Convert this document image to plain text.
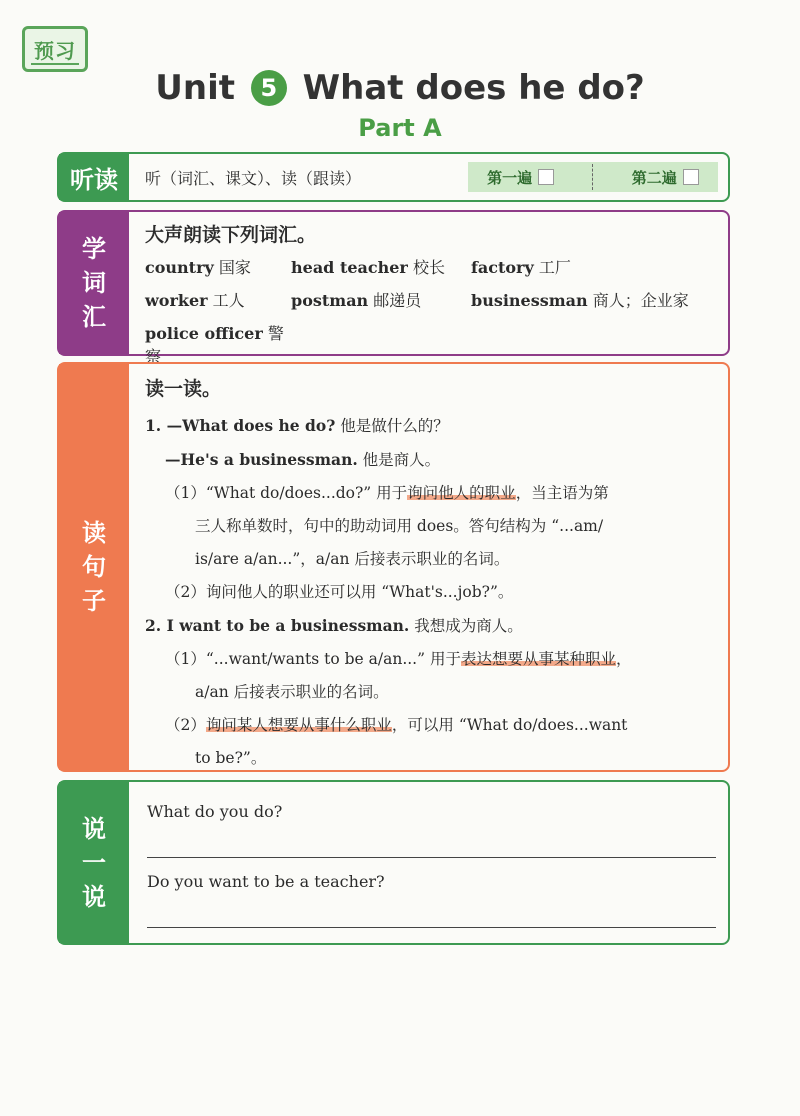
预习
Unit 5 What does he do?
Part A
听读	听（词汇、课文）、读（跟读）	第一遍	第二遍
学
词
汇
大声朗读下列词汇。
country 国家	head teacher 校长	factory 工厂
worker 工人	postman 邮递员	businessman 商人；企业家
police officer 警察
读
句
子
读一读。
1. —What does he do? 他是做什么的？
—He's a businessman. 他是商人。
（1）“What do/does...do?” 用于询问他人的职业，当主语为第
三人称单数时，句中的助动词用 does。答句结构为 “...am/
is/are a/an...”，a/an 后接表示职业的名词。
（2）询问他人的职业还可以用 “What's...job?”。
2. I want to be a businessman. 我想成为商人。
（1）“...want/wants to be a/an...” 用于表达想要从事某种职业，
a/an 后接表示职业的名词。
（2）询问某人想要从事什么职业，可以用 “What do/does...want
to be?”。
说
一
说
What do you do?
Do you want to be a teacher?
